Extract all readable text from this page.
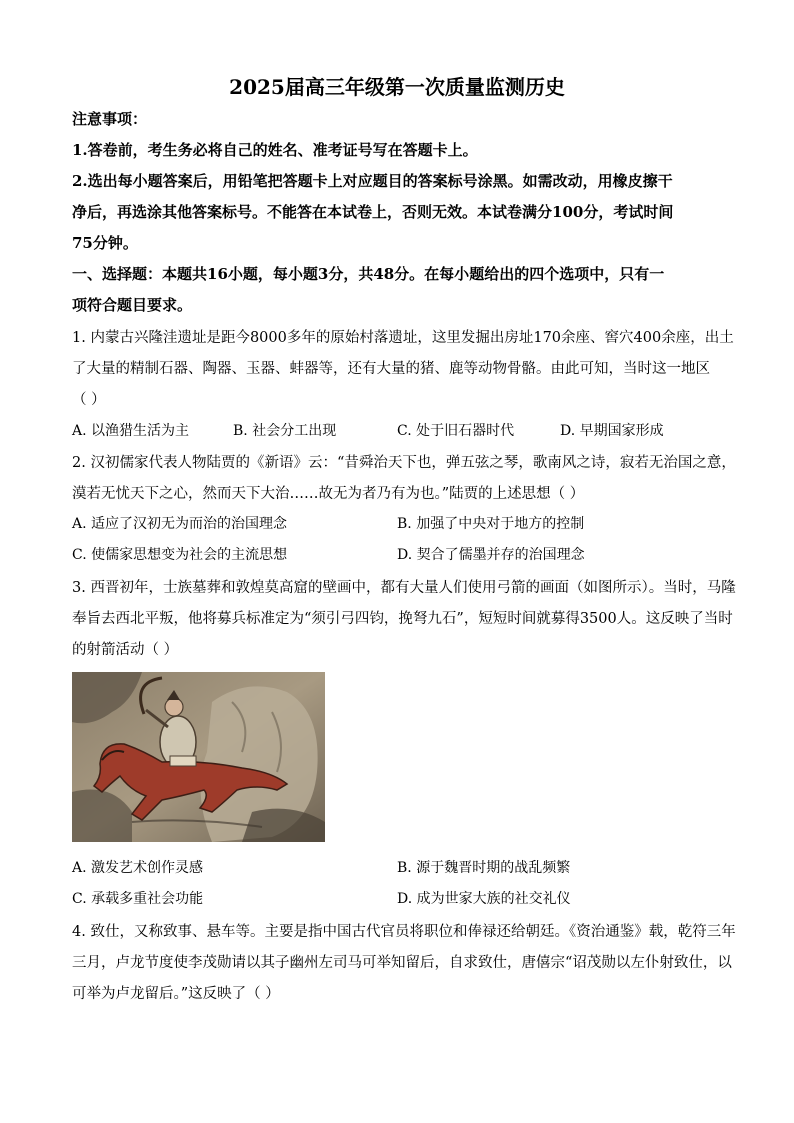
2025届高三年级第一次质量监测历史
注意事项：
1.答卷前，考生务必将自己的姓名、准考证号写在答题卡上。
2.选出每小题答案后，用铅笔把答题卡上对应题目的答案标号涂黑。如需改动，用橡皮擦干
净后，再选涂其他答案标号。不能答在本试卷上，否则无效。本试卷满分100分，考试时间
75分钟。
一、选择题：本题共16小题，每小题3分，共48分。在每小题给出的四个选项中，只有一
项符合题目要求。
1. 内蒙古兴隆洼遗址是距今8000多年的原始村落遗址，这里发掘出房址170余座、窖穴400余座，出土
了大量的精制石器、陶器、玉器、蚌器等，还有大量的猪、鹿等动物骨骼。由此可知，当时这一地区
（ ）
A. 以渔猎生活为主	B. 社会分工出现	C. 处于旧石器时代	D. 早期国家形成
2. 汉初儒家代表人物陆贾的《新语》云：“昔舜治天下也，弹五弦之琴，歌南风之诗，寂若无治国之意，
漠若无忧天下之心，然而天下大治……故无为者乃有为也。”陆贾的上述思想（ ）
A. 适应了汉初无为而治的治国理念	B. 加强了中央对于地方的控制
C. 使儒家思想变为社会的主流思想	D. 契合了儒墨并存的治国理念
3. 西晋初年，士族墓葬和敦煌莫高窟的壁画中，都有大量人们使用弓箭的画面（如图所示）。当时，马隆
奉旨去西北平叛，他将募兵标准定为“须引弓四钧，挽弩九石”，短短时间就募得3500人。这反映了当时
的射箭活动（ ）
A. 激发艺术创作灵感	B. 源于魏晋时期的战乱频繁
C. 承载多重社会功能	D. 成为世家大族的社交礼仪
4. 致仕，又称致事、悬车等。主要是指中国古代官员将职位和俸禄还给朝廷。《资治通鉴》载，乾符三年
三月，卢龙节度使李茂勋请以其子幽州左司马可举知留后，自求致仕，唐僖宗“诏茂勋以左仆射致仕，以
可举为卢龙留后。”这反映了（ ）
